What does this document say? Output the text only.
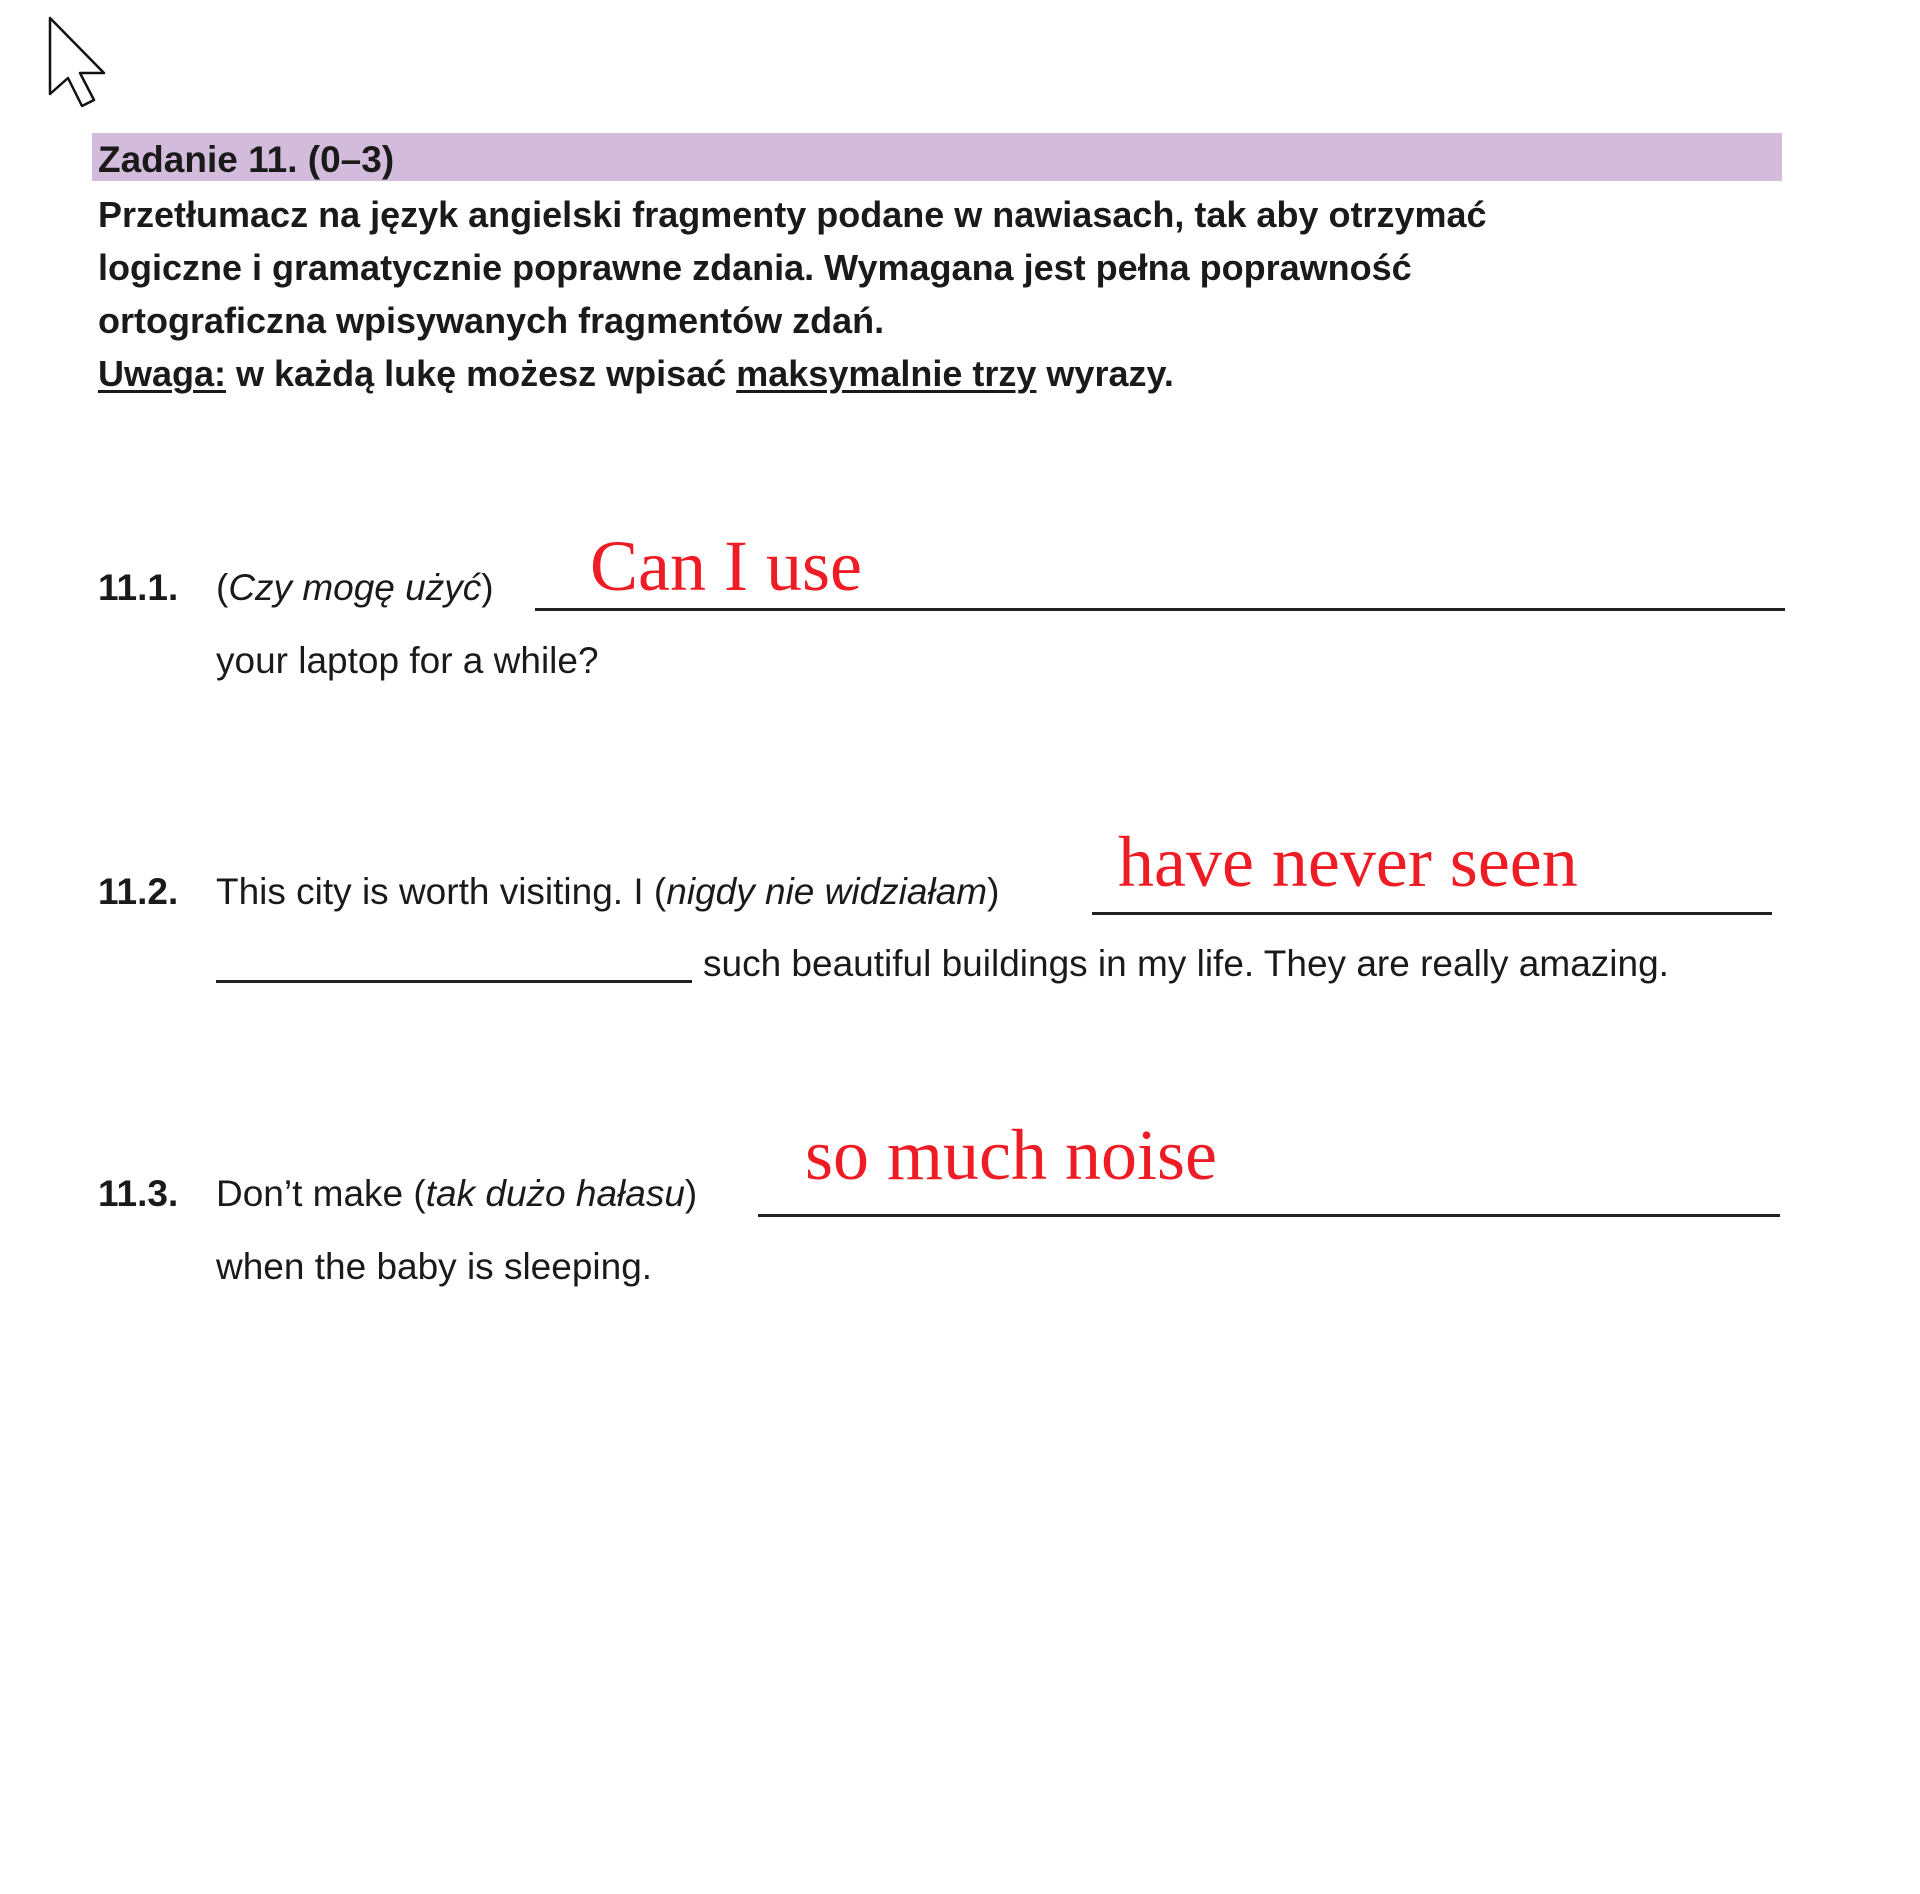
Zadanie 11. (0–3)
Przetłumacz na język angielski fragmenty podane w nawiasach, tak aby otrzymać
logiczne i gramatycznie poprawne zdania. Wymagana jest pełna poprawność
ortograficzna wpisywanych fragmentów zdań.
Uwaga: w każdą lukę możesz wpisać maksymalnie trzy wyrazy.
11.1. (Czy mogę użyć) Can I use
your laptop for a while?
11.2. This city is worth visiting. I (nigdy nie widziałam) have never seen
such beautiful buildings in my life. They are really amazing.
11.3. Don’t make (tak dużo hałasu) so much noise
when the baby is sleeping.
